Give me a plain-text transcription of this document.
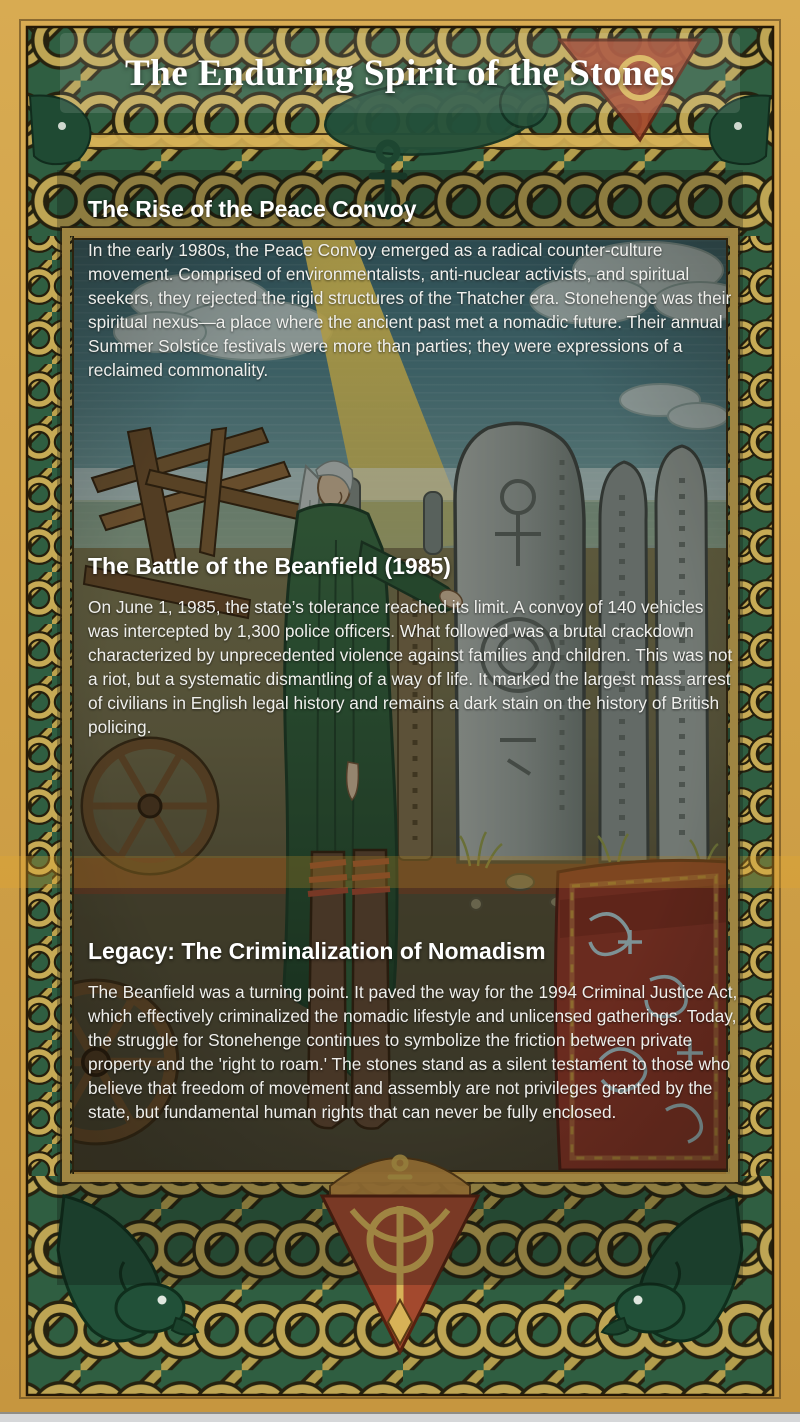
The Enduring Spirit of the Stones
The Rise of the Peace Convoy

In the early 1980s, the Peace Convoy emerged as a radical counter-culture movement. Comprised of environmentalists, anti-nuclear activists, and spiritual seekers, they rejected the rigid structures of the Thatcher era. Stonehenge was their spiritual nexus—a place where the ancient past met a nomadic future. Their annual Summer Solstice festivals were more than parties; they were expressions of a reclaimed commonality.

The Battle of the Beanfield (1985)

On June 1, 1985, the state’s tolerance reached its limit. A convoy of 140 vehicles was intercepted by 1,300 police officers. What followed was a brutal crackdown characterized by unprecedented violence against families and children. This was not a riot, but a systematic dismantling of a way of life. It marked the largest mass arrest of civilians in English legal history and remains a dark stain on the history of British policing.

Legacy: The Criminalization of Nomadism

The Beanfield was a turning point. It paved the way for the 1994 Criminal Justice Act, which effectively criminalized the nomadic lifestyle and unlicensed gatherings. Today, the struggle for Stonehenge continues to symbolize the friction between private property and the 'right to roam.' The stones stand as a silent testament to those who believe that freedom of movement and assembly are not privileges granted by the state, but fundamental human rights that can never be fully enclosed.
